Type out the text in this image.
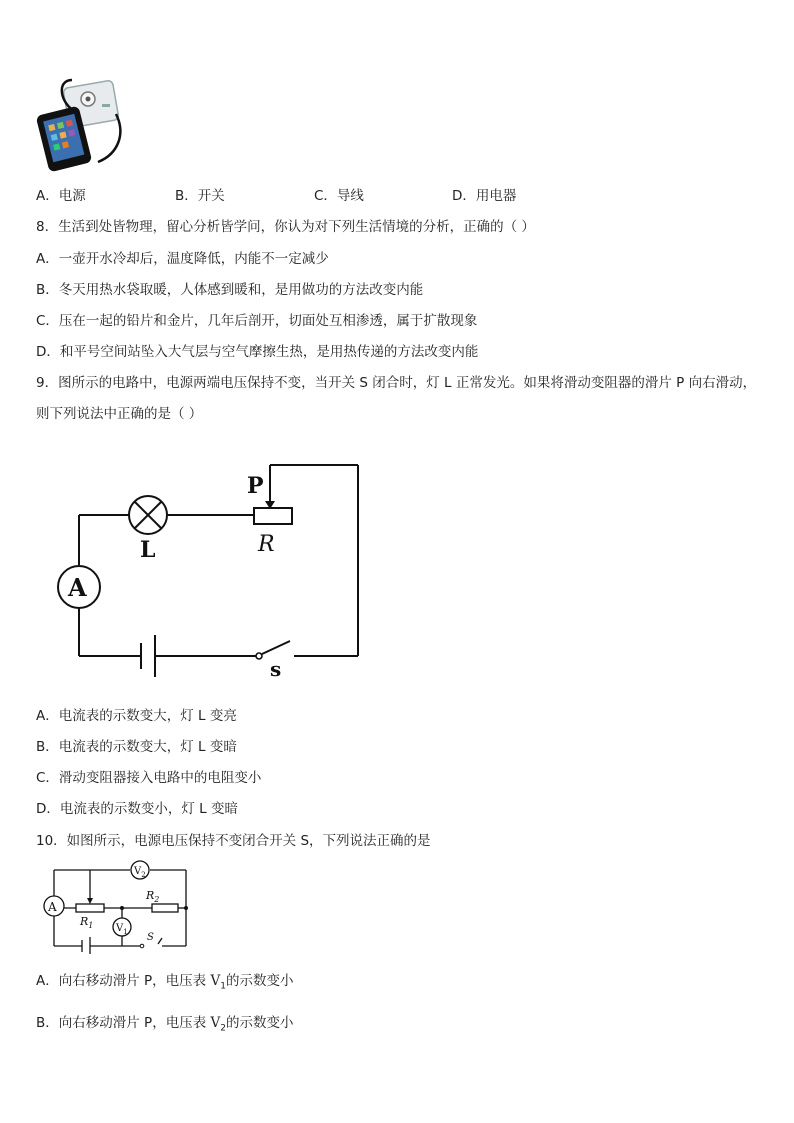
A．电源	B．开关	C．导线	D．用电器
8．生活到处皆物理，留心分析皆学问，你认为对下列生活情境的分析，正确的（ ）
A．一壶开水冷却后，温度降低，内能不一定减少
B．冬天用热水袋取暖，人体感到暖和，是用做功的方法改变内能
C．压在一起的铅片和金片，几年后剖开，切面处互相渗透，属于扩散现象
D．和平号空间站坠入大气层与空气摩擦生热，是用热传递的方法改变内能
9．图所示的电路中，电源两端电压保持不变，当开关 S 闭合时，灯 L 正常发光。如果将滑动变阻器的滑片 P 向右滑动，
则下列说法中正确的是（ ）
P
L	R
A
s
A．电流表的示数变大，灯 L 变亮
B．电流表的示数变大，灯 L 变暗
C．滑动变阻器接入电路中的电阻变小
D．电流表的示数变小，灯 L 变暗
10．如图所示，电源电压保持不变闭合开关 S，下列说法正确的是
A
$V_2$
$V_1$
$R_1$
$R_2$
S
A．向右移动滑片 P，电压表 $V_1$的示数变小
B．向右移动滑片 P，电压表 $V_2$的示数变小
